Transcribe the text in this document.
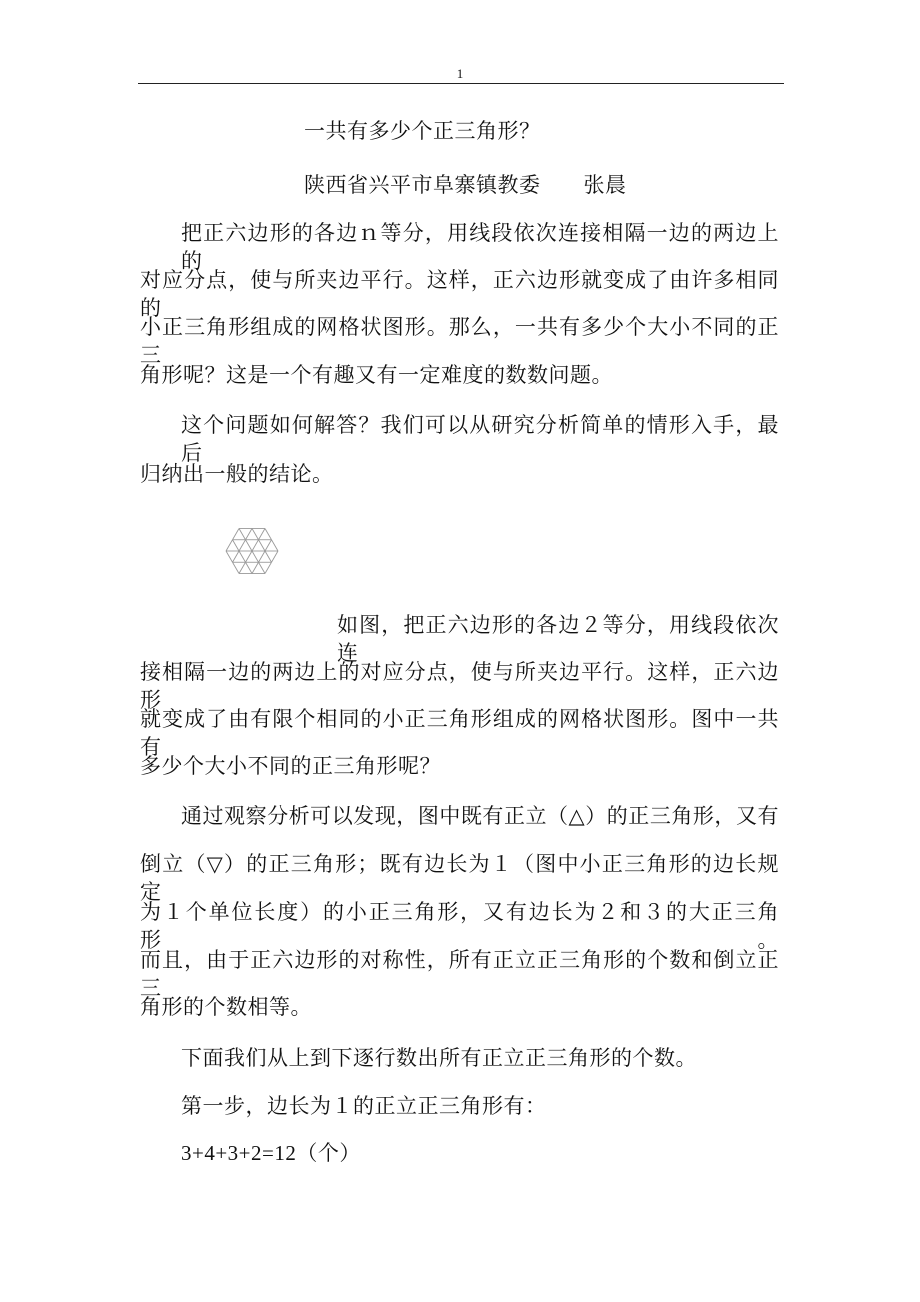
1
一共有多少个正三角形？
陕西省兴平市阜寨镇教委　　张晨
把正六边形的各边ｎ等分，用线段依次连接相隔一边的两边上的
对应分点，使与所夹边平行。这样，正六边形就变成了由许多相同的
小正三角形组成的网格状图形。那么，一共有多少个大小不同的正三
角形呢？这是一个有趣又有一定难度的数数问题。
这个问题如何解答？我们可以从研究分析简单的情形入手，最后
归纳出一般的结论。
如图，把正六边形的各边２等分，用线段依次连
接相隔一边的两边上的对应分点，使与所夹边平行。这样，正六边形
就变成了由有限个相同的小正三角形组成的网格状图形。图中一共有
多少个大小不同的正三角形呢？
通过观察分析可以发现，图中既有正立（△）的正三角形，又有
倒立（▽）的正三角形；既有边长为１（图中小正三角形的边长规定
为１个单位长度）的小正三角形，又有边长为２和３的大正三角形。
而且，由于正六边形的对称性，所有正立正三角形的个数和倒立正三
角形的个数相等。
下面我们从上到下逐行数出所有正立正三角形的个数。
第一步，边长为１的正立正三角形有：
3+4+3+2=12（个）
